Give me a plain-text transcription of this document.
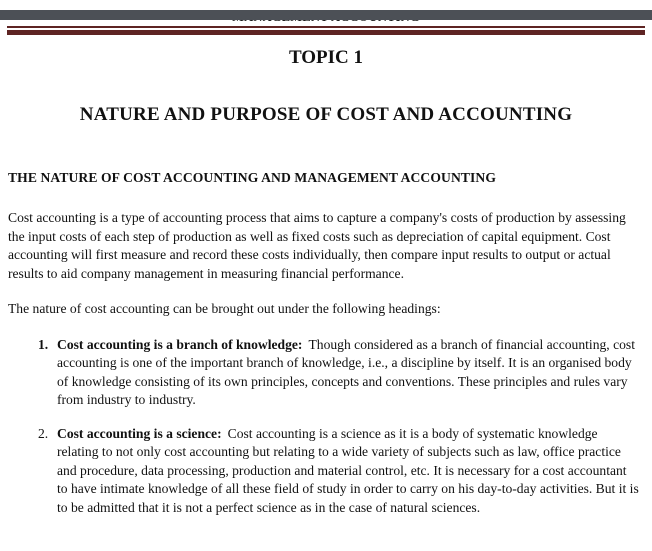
TOPIC 1
NATURE AND PURPOSE OF COST AND ACCOUNTING
THE NATURE OF COST ACCOUNTING AND MANAGEMENT ACCOUNTING

Cost accounting is a type of accounting process that aims to capture a company's costs of production by assessing the input costs of each step of production as well as fixed costs such as depreciation of capital equipment. Cost accounting will first measure and record these costs individually, then compare input results to output or actual results to aid company management in measuring financial performance.

The nature of cost accounting can be brought out under the following headings:

1. Cost accounting is a branch of knowledge: Though considered as a branch of financial accounting, cost accounting is one of the important branch of knowledge, i.e., a discipline by itself. It is an organised body of knowledge consisting of its own principles, concepts and conventions. These principles and rules vary from industry to industry.
2. Cost accounting is a science: Cost accounting is a science as it is a body of systematic knowledge relating to not only cost accounting but relating to a wide variety of subjects such as law, office practice and procedure, data processing, production and material control, etc. It is necessary for a cost accountant to have intimate knowledge of all these field of study in order to carry on his day-to-day activities. But it is to be admitted that it is not a perfect science as in the case of natural sciences.
